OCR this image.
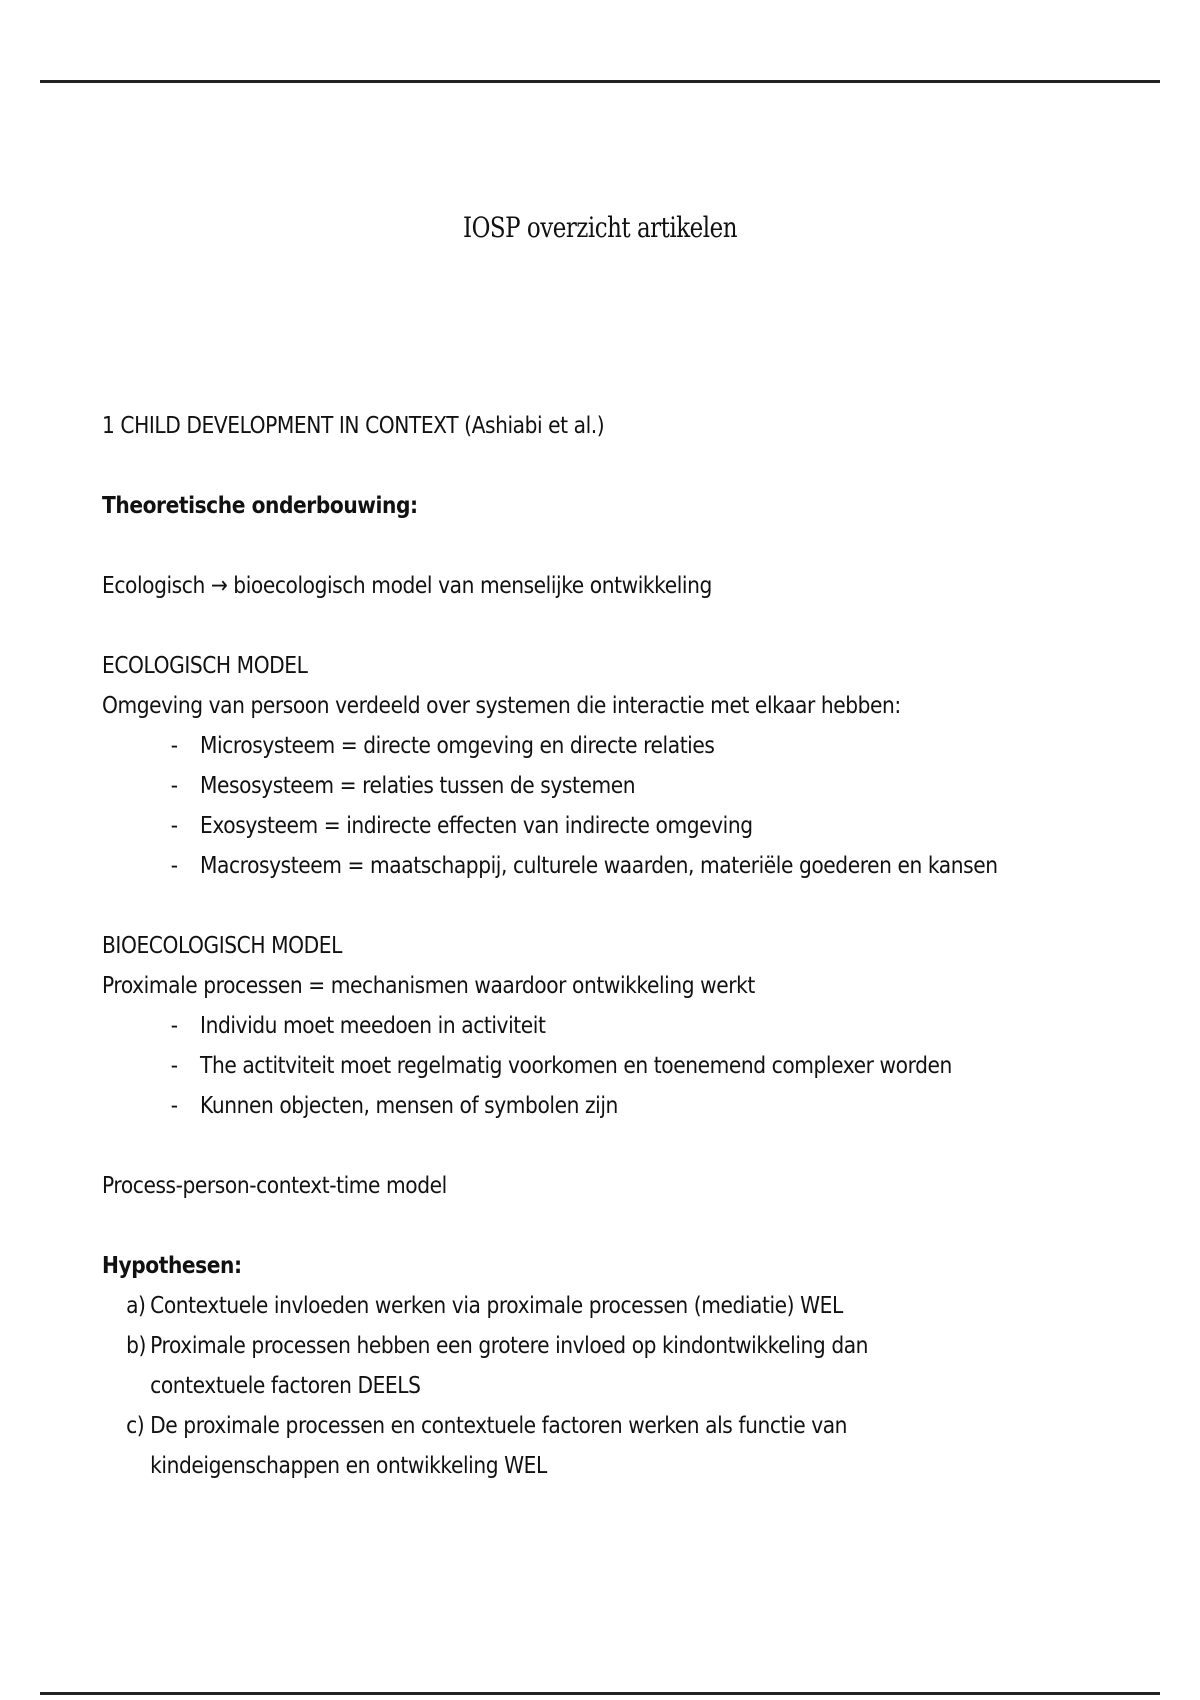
IOSP overzicht artikelen

1 CHILD DEVELOPMENT IN CONTEXT (Ashiabi et al.)

Theoretische onderbouwing:

Ecologisch → bioecologisch model van menselijke ontwikkeling

ECOLOGISCH MODEL

Omgeving van persoon verdeeld over systemen die interactie met elkaar hebben:

- Microsysteem = directe omgeving en directe relaties
- Mesosysteem = relaties tussen de systemen
- Exosysteem = indirecte effecten van indirecte omgeving
- Macrosysteem = maatschappij, culturele waarden, materiële goederen en kansen

BIOECOLOGISCH MODEL

Proximale processen = mechanismen waardoor ontwikkeling werkt

- Individu moet meedoen in activiteit
- The actitviteit moet regelmatig voorkomen en toenemend complexer worden
- Kunnen objecten, mensen of symbolen zijn

Process-person-context-time model

Hypothesen:

a) Contextuele invloeden werken via proximale processen (mediatie) WEL
b) Proximale processen hebben een grotere invloed op kindontwikkeling dan contextuele factoren DEELS
c) De proximale processen en contextuele factoren werken als functie van kindeigenschappen en ontwikkeling WEL
